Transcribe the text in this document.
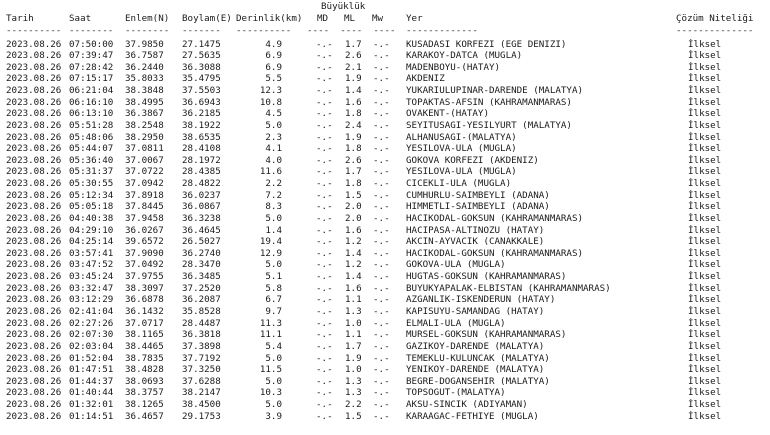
Büyüklük
Tarih	Saat	Enlem(N) Boylam(E) Derinlik(km) MD ML Mw Yer	Çözüm Niteliği
---------- -------- -------- ------- ---------- ----  ----  ---- -------------	--------------
2023.08.26 07:50:00 37.9850 27.1475	4.9	-.- 1.7 -.- KUSADASI KORFEZI (EGE DENIZI)	İlksel
2023.08.26 07:39:47 36.7587 27.5635	6.9	-.- 2.6 -.- KARAKOY-DATCA (MUGLA)	İlksel
2023.08.26 07:28:42 36.2440 36.3088	6.9	-.- 2.1 -.- MADENBOYU-(HATAY)	İlksel
2023.08.26 07:15:17 35.8033 35.4795	5.5	-.- 1.9 -.- AKDENIZ	İlksel
2023.08.26 06:21:04 38.3848 37.5503	12.3	-.- 1.4 -.- YUKARIULUPINAR-DARENDE (MALATYA)	İlksel
2023.08.26 06:16:10 38.4995 36.6943	10.8	-.- 1.6 -.- TOPAKTAS-AFSIN (KAHRAMANMARAS)	İlksel
2023.08.26 06:13:10 36.3867 36.2185	4.5	-.- 1.8 -.- OVAKENT-(HATAY)	İlksel
2023.08.26 05:51:28 38.2548 38.1922	5.0	-.- 2.4 -.- SEYITUSAGI-YESILYURT (MALATYA)	İlksel
2023.08.26 05:48:06 38.2950 38.6535	2.3	-.- 1.9 -.- ALHANUSAGI-(MALATYA)	İlksel
2023.08.26 05:44:07 37.0811 28.4108	4.1	-.- 1.8 -.- YESILOVA-ULA (MUGLA)	İlksel
2023.08.26 05:36:40 37.0067 28.1972	4.0	-.- 2.6 -.- GOKOVA KORFEZI (AKDENIZ)	İlksel
2023.08.26 05:31:37 37.0722 28.4385	11.6	-.- 1.7 -.- YESILOVA-ULA (MUGLA)	İlksel
2023.08.26 05:30:55 37.0942 28.4822	2.2	-.- 1.8 -.- CICEKLI-ULA (MUGLA)	İlksel
2023.08.26 05:12:34 37.8918 36.0237	7.2	-.- 1.5 -.- CUMHURLU-SAIMBEYLI (ADANA)	İlksel
2023.08.26 05:05:18 37.8445 36.0867	8.3	-.- 2.0 -.- HIMMETLI-SAIMBEYLI (ADANA)	İlksel
2023.08.26 04:40:38 37.9458 36.3238	5.0	-.- 2.0 -.- HACIKODAL-GOKSUN (KAHRAMANMARAS)	İlksel
2023.08.26 04:29:10 36.0267 36.4645	1.4	-.- 1.6 -.- HACIPASA-ALTINOZU (HATAY)	İlksel
2023.08.26 04:25:14 39.6572 26.5027	19.4	-.- 1.2 -.- AKCIN-AYVACIK (CANAKKALE)	İlksel
2023.08.26 03:57:41 37.9090 36.2740	12.9	-.- 1.4 -.- HACIKODAL-GOKSUN (KAHRAMANMARAS)	İlksel
2023.08.26 03:47:52 37.0492 28.3470	5.0	-.- 1.2 -.- GOKOVA-ULA (MUGLA)	İlksel
2023.08.26 03:45:24 37.9755 36.3485	5.1	-.- 1.4 -.- HUGTAS-GOKSUN (KAHRAMANMARAS)	İlksel
2023.08.26 03:32:47 38.3097 37.2520	5.8	-.- 1.6 -.- BUYUKYAPALAK-ELBISTAN (KAHRAMANMARAS)	İlksel
2023.08.26 03:12:29 36.6878 36.2087	6.7	-.- 1.1 -.- AZGANLIK-ISKENDERUN (HATAY)	İlksel
2023.08.26 02:41:04 36.1432 35.8528	9.7	-.- 1.3 -.- KAPISUYU-SAMANDAG (HATAY)	İlksel
2023.08.26 02:27:26 37.0717 28.4487	11.3	-.- 1.0 -.- ELMALI-ULA (MUGLA)	İlksel
2023.08.26 02:07:30 38.1165 36.3818	11.1	-.- 1.1 -.- MURSEL-GOKSUN (KAHRAMANMARAS)	İlksel
2023.08.26 02:03:04 38.4465 37.3898	5.4	-.- 1.7 -.- GAZIKOY-DARENDE (MALATYA)	İlksel
2023.08.26 01:52:04 38.7835 37.7192	5.0	-.- 1.9 -.- TEMEKLU-KULUNCAK (MALATYA)	İlksel
2023.08.26 01:47:51 38.4828 37.3250	11.5	-.- 1.0 -.- YENIKOY-DARENDE (MALATYA)	İlksel
2023.08.26 01:44:37 38.0693 37.6288	5.0	-.- 1.3 -.- BEGRE-DOGANSEHIR (MALATYA)	İlksel
2023.08.26 01:40:44 38.3757 38.2147	10.3	-.- 1.3 -.- TOPSOGUT-(MALATYA)	İlksel
2023.08.26 01:32:01 38.1265 38.4500	5.0	-.- 2.2 -.- AKSU-SINCIK (ADIYAMAN)	İlksel
2023.08.26 01:14:51 36.4657 29.1753	3.9	-.- 1.5 -.- KARAAGAC-FETHIYE (MUGLA)	İlksel
